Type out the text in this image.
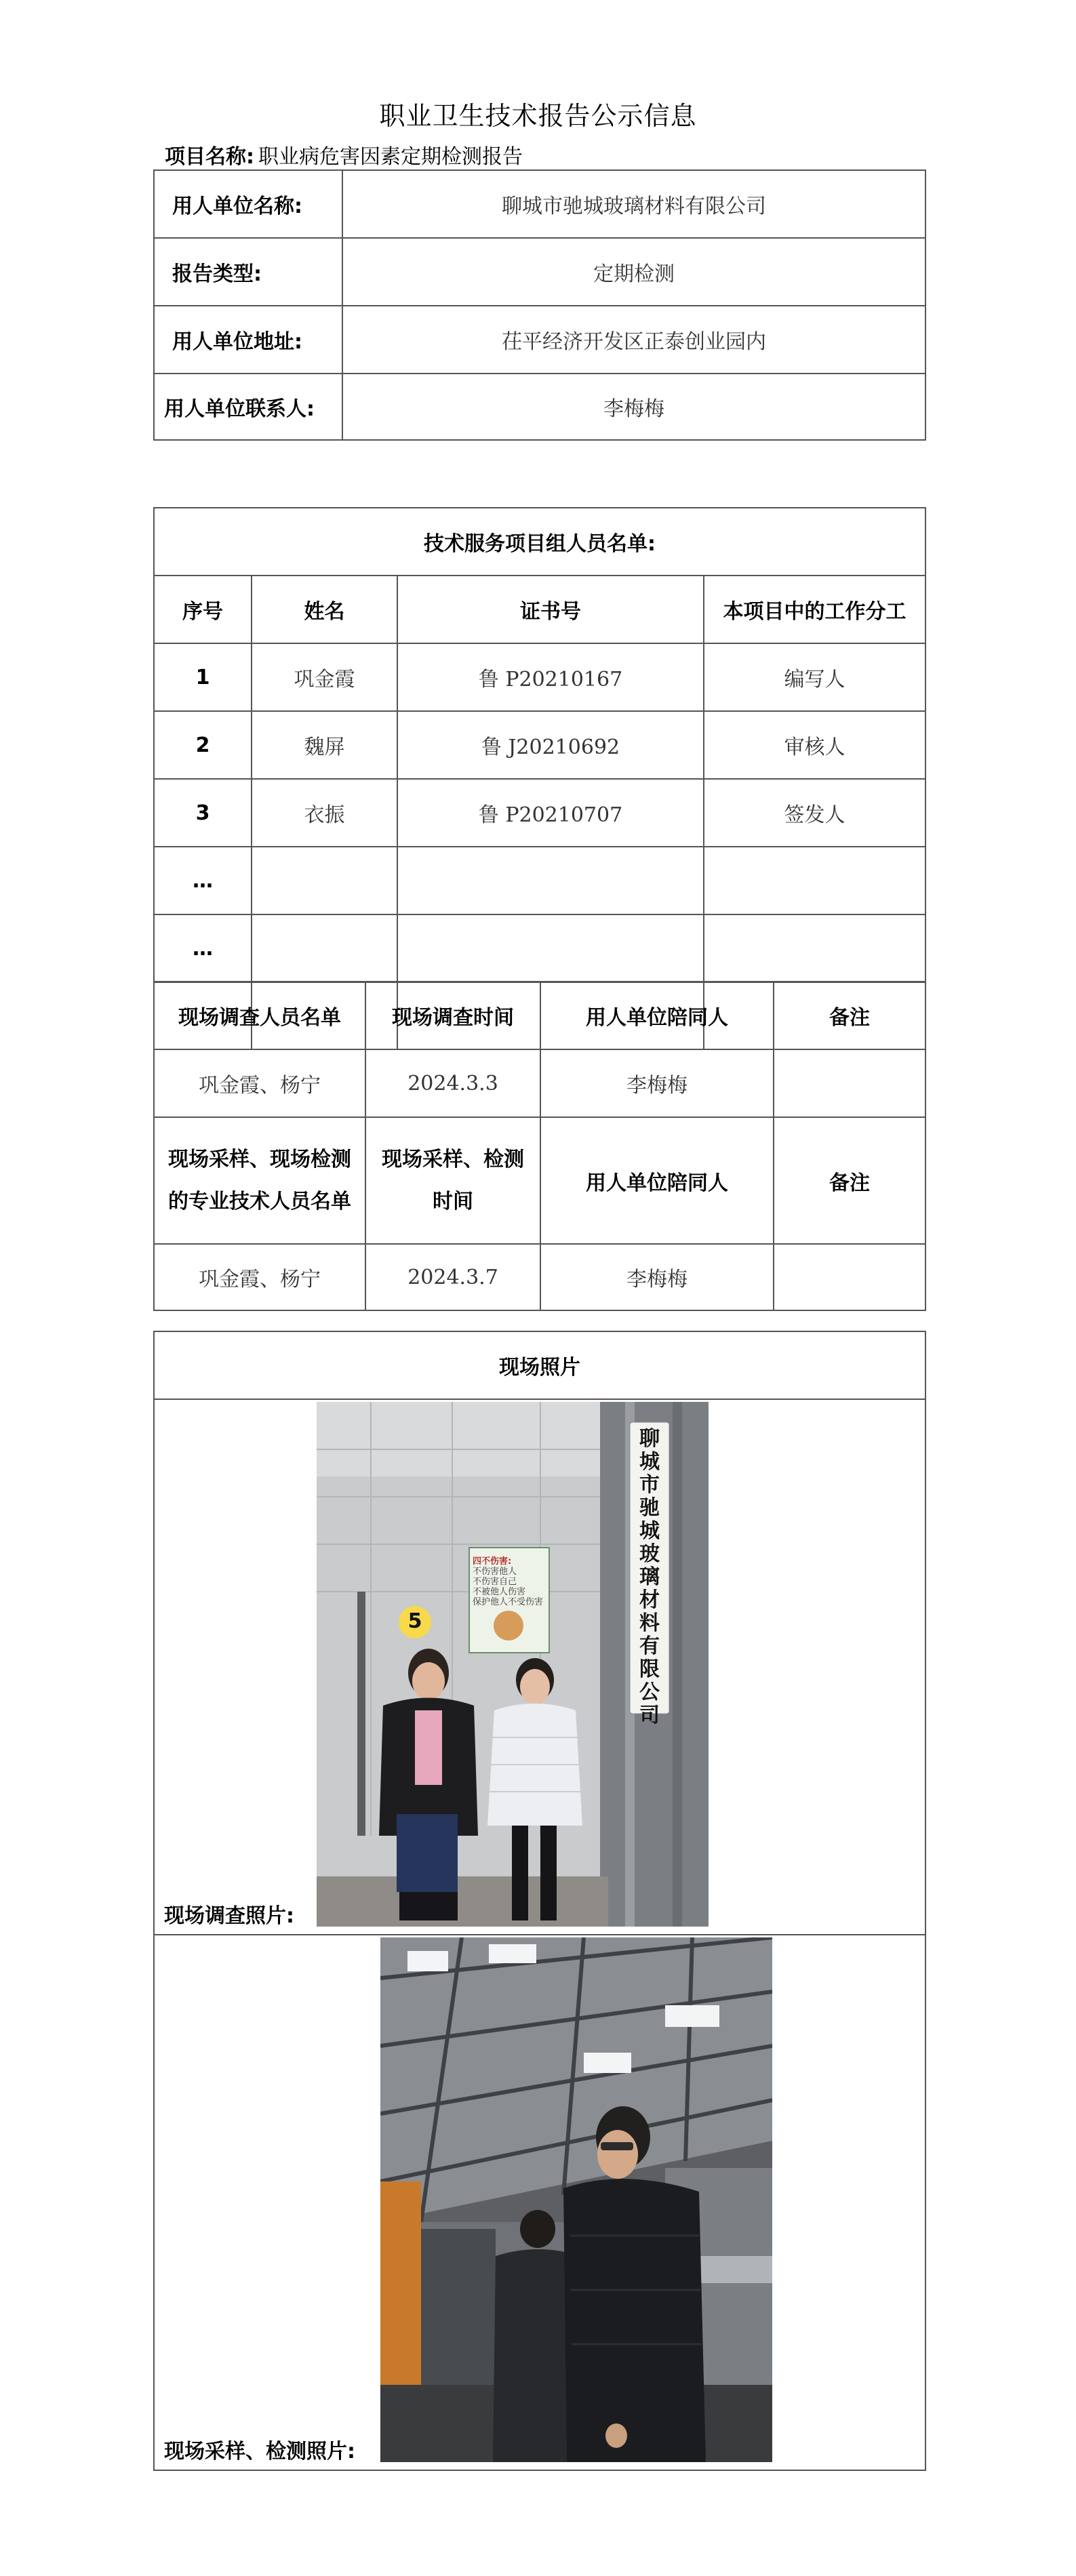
职业卫生技术报告公示信息
项目名称: 职业病危害因素定期检测报告
用人单位名称:	聊城市驰城玻璃材料有限公司
报告类型:	定期检测
用人单位地址:	茌平经济开发区正泰创业园内
用人单位联系人:	李梅梅
技术服务项目组人员名单:			
序号	姓名	证书号	本项目中的工作分工
1	巩金霞	鲁 P20210167	编写人
2	魏屏	鲁 J20210692	审核人
3	衣振	鲁 P20210707	签发人
…			
…			

现场调查人员名单	现场调查时间	用人单位陪同人	备注
巩金霞、杨宁	2024.3.3	李梅梅	
现场采样、现场检测的专业技术人员名单	现场采样、检测时间	用人单位陪同人	备注
巩金霞、杨宁	2024.3.7	李梅梅	
现场照片

聊城市驰城玻璃材料有限公司
5
四不伤害:
不伤害他人
不伤害自己
不被他人伤害
保护他人不受伤害
现场调查照片:

现场采样、检测照片:
